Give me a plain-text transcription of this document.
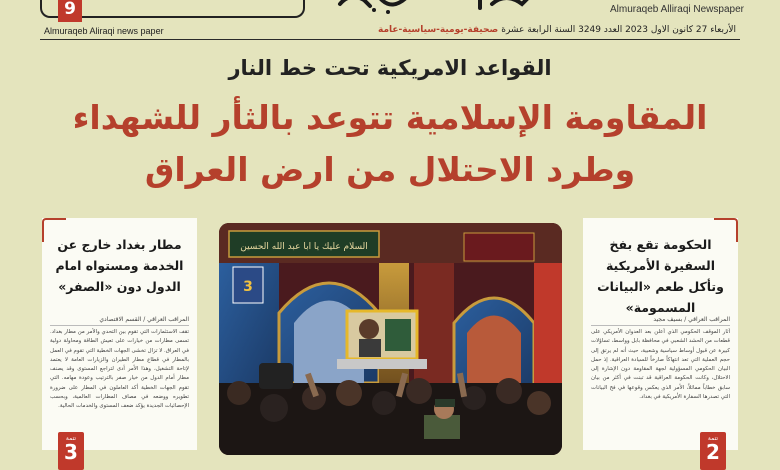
9	Almuraqeb Alliraqi Newspaper
Almuraqeb Aliraqi news paper	صحيفة-يومية-سياسية-عامة الأربعاء 27 كانون الاول 2023 العدد 3249 السنة الرابعة عشرة
القواعد الامريكية تحت خط النار
المقاومة الإسلامية تتوعد بالثأر للشهداء
وطرد الاحتلال من ارض العراق
السلام عليك يا ابا عبد الله الحسين
3
مطار بغداد خارج عن الخدمة ومستواه امام الدول دون «الصفر»
المراقب العراقي / القسم الاقتصادي
تقف الاستثمارات التي تقوم بين التحدي والأمر من مطار بغداد. تسمى مطارات من خيارات على تعيش الطاقة ومحاولة دولية في العراق. لا تزال تخشى الجهات الخطية التي تقوم في العمل بالمطار في قطاع مطار الطيران والزيارات العامة لا يعتمد لإتاحة التشغيل، وهذا الأمر أدى لتراجع المستوى وقد يصنف مطار أمام الدول من خيار صفر بالترتيب وعودة مهامه. التي تقوم الجهات الخطية أكد العاملون في المطار على ضرورة تطويره ووضعه في مصاف المطارات العالمية، وبحسب الإحصائيات الجديدة يؤكد ضعف المستوى والخدمات الحالية.
تتمة
3
الحكومة تقع بفخ السفيرة الأمريكية وتأكل طعم «البيانات المسمومة»
المراقب العراقي / بسيف مجيد
أثار الموقف الحكومي الذي أعلن بعد العدوان الأمريكي على قطعات من الحشد الشعبي في محافظة بابل وواسط، تساؤلات كبيرة عن قبول أوساط سياسية وشعبية، حيث أنه لم يرتق إلى حجم العملية التي تعد انتهاكاً صارخاً للسيادة العراقية. إذ حمل البيان الحكومي المسؤولية لجهة المقاومة دون الإشارة إلى الاحتلال، وكانت الحكومة العراقية قد تبنت في أكثر من بيان سابق خطاباً مماثلاً، الأمر الذي يعكس وقوعها في فخ البيانات التي تصدرها السفارة الأمريكية في بغداد.
تتمة
2
